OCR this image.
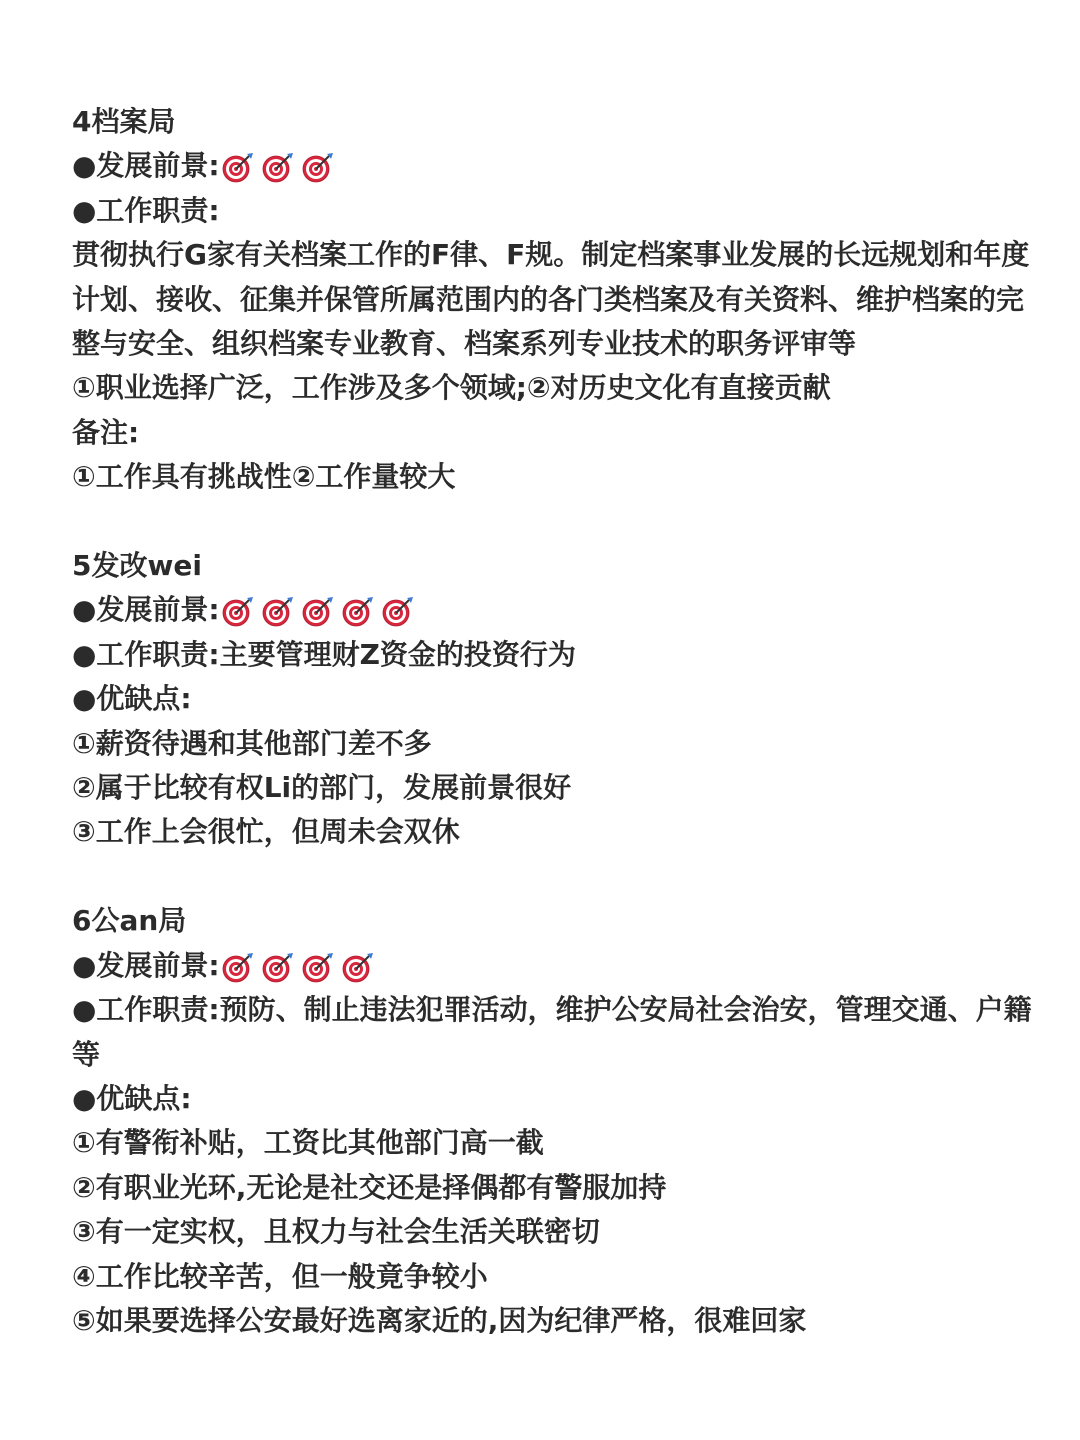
4档案局

●发展前景:

●工作职责:

贯彻执行G家有关档案工作的F律、F规。制定档案事业发展的长远规划和年度计划、接收、征集并保管所属范围内的各门类档案及有关资料、维护档案的完整与安全、组织档案专业教育、档案系列专业技术的职务评审等

①职业选择广泛，工作涉及多个领域;②对历史文化有直接贡献

备注:

①工作具有挑战性②工作量较大

5发改wei

●发展前景:

●工作职责:主要管理财Z资金的投资行为

●优缺点:

①薪资待遇和其他部门差不多

②属于比较有权Li的部门，发展前景很好

③工作上会很忙，但周未会双休

6公an局

●发展前景:

●工作职责:预防、制止违法犯罪活动，维护公安局社会治安，管理交通、户籍等

●优缺点:

①有警衔补贴，工资比其他部门高一截

②有职业光环,无论是社交还是择偶都有警服加持

③有一定实权，且权力与社会生活关联密切

④工作比较辛苦，但一般竟争较小

⑤如果要选择公安最好选离家近的,因为纪律严格，很难回家
